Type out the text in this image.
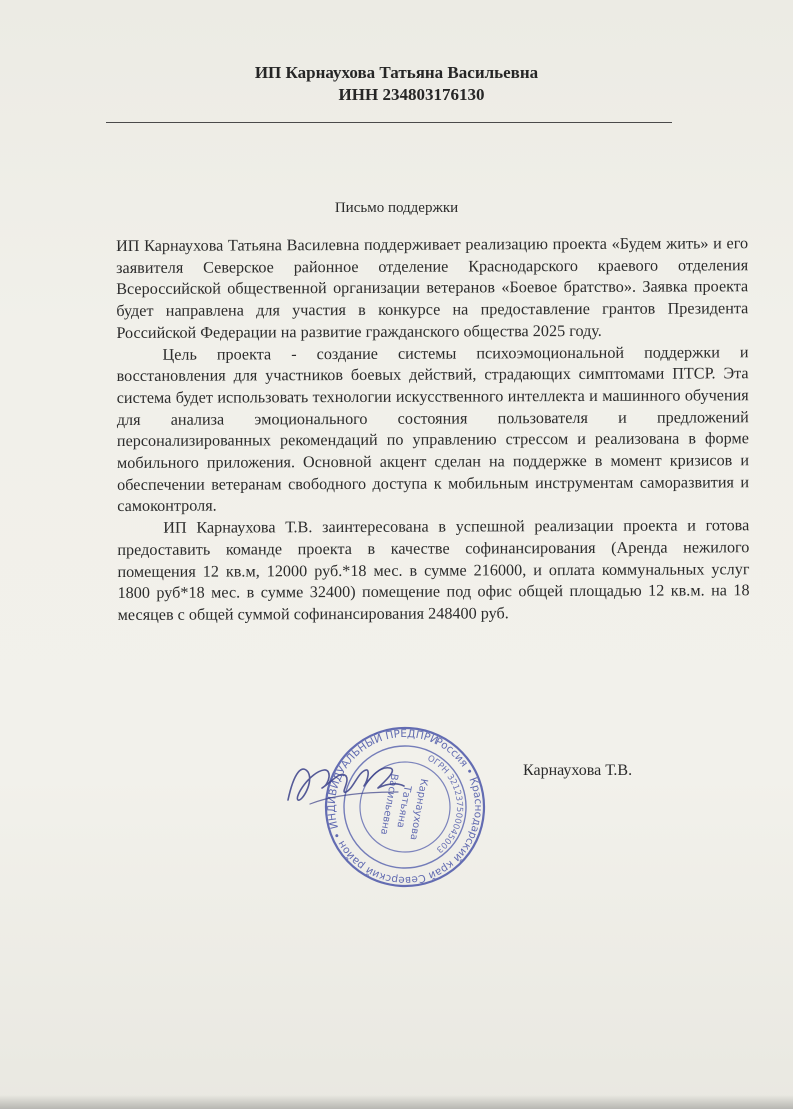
ИП Карнаухова Татьяна Васильевна
ИНН 234803176130
Письмо поддержки

ИП Карнаухова Татьяна Василевна поддерживает реализацию проекта «Будем жить» и его заявителя Северское районное отделение Краснодарского краевого отделения Всероссийской общественной организации ветеранов «Боевое братство». Заявка проекта будет направлена для участия в конкурсе на предоставление грантов Президента Российской Федерации на развитие гражданского общества 2025 году.

Цель проекта - создание системы психоэмоциональной поддержки и восстановления для участников боевых действий, страдающих симптомами ПТСР. Эта система будет использовать технологии искусственного интеллекта и машинного обучения для анализа эмоционального состояния пользователя и предложений персонализированных рекомендаций по управлению стрессом и реализована в форме мобильного приложения. Основной акцент сделан на поддержке в момент кризисов и обеспечении ветеранам свободного доступа к мобильным инструментам саморазвития и самоконтроля.

ИП Карнаухова Т.В. заинтересована в успешной реализации проекта и готова предоставить команде проекта в качестве софинансирования (Аренда нежилого помещения 12 кв.м, 12000 руб.*18 мес. в сумме 216000, и оплата коммунальных услуг 1800 руб*18 мес. в сумме 32400) помещение под офис общей площадью 12 кв.м. на 18 месяцев с общей суммой софинансирования 248400 руб.

Россия • Краснодарский край Северский район • ИНДИВИДУАЛЬНЫЙ ПРЕДПРИНИМАТЕЛЬ
ОГРН 321237500045003
Карнаухова
Татьяна
Васильевна
Карнаухова Т.В.
